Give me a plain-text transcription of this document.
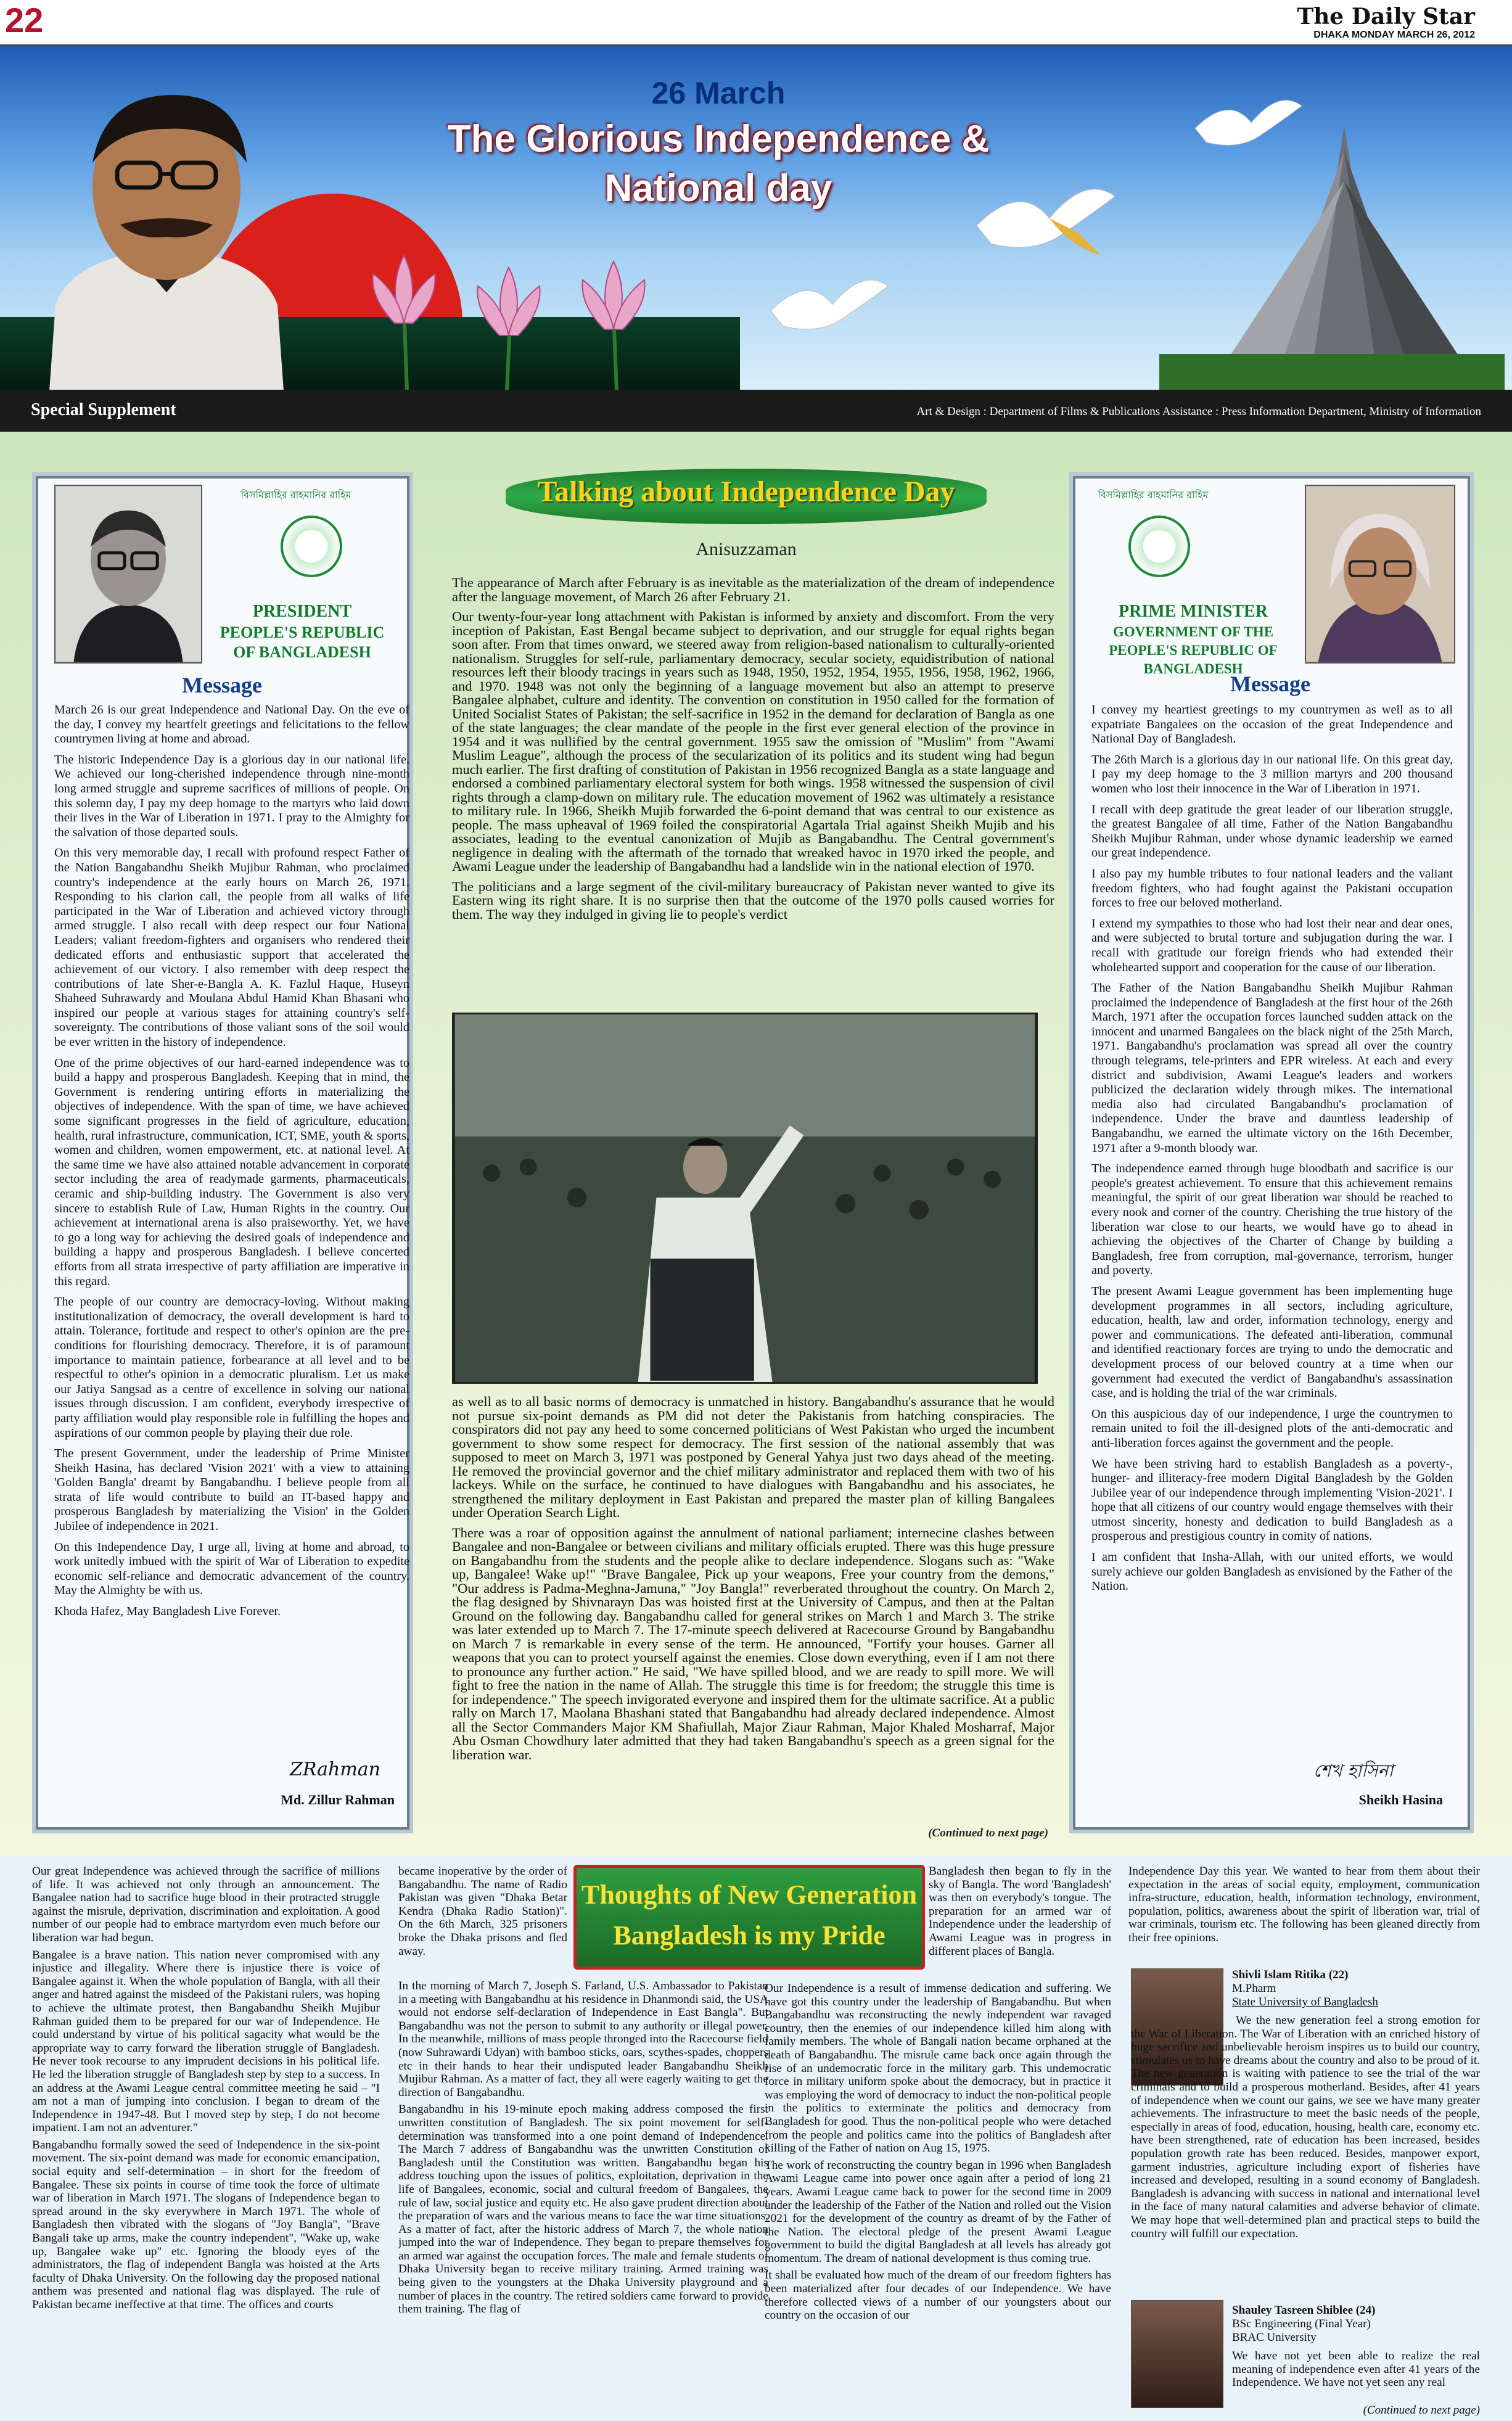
22	The Daily Star
DHAKA MONDAY MARCH 26, 2012
26 March
The Glorious Independence &
National day
Special Supplement	Art & Design : Department of Films & Publications Assistance : Press Information Department, Ministry of Information
বিসমিল্লাহির রাহমানির রাহিম
PRESIDENT
PEOPLE'S REPUBLIC OF BANGLADESH
Message

March 26 is our great Independence and National Day. On the eve of the day, I convey my heartfelt greetings and felicitations to the fellow countrymen living at home and abroad.

The historic Independence Day is a glorious day in our national life. We achieved our long-cherished independence through nine-month long armed struggle and supreme sacrifices of millions of people. On this solemn day, I pay my deep homage to the martyrs who laid down their lives in the War of Liberation in 1971. I pray to the Almighty for the salvation of those departed souls.

On this very memorable day, I recall with profound respect Father of the Nation Bangabandhu Sheikh Mujibur Rahman, who proclaimed country's independence at the early hours on March 26, 1971. Responding to his clarion call, the people from all walks of life participated in the War of Liberation and achieved victory through armed struggle. I also recall with deep respect our four National Leaders; valiant freedom-fighters and organisers who rendered their dedicated efforts and enthusiastic support that accelerated the achievement of our victory. I also remember with deep respect the contributions of late Sher-e-Bangla A. K. Fazlul Haque, Huseyn Shaheed Suhrawardy and Moulana Abdul Hamid Khan Bhasani who inspired our people at various stages for attaining country's self-sovereignty. The contributions of those valiant sons of the soil would be ever written in the history of independence.

One of the prime objectives of our hard-earned independence was to build a happy and prosperous Bangladesh. Keeping that in mind, the Government is rendering untiring efforts in materializing the objectives of independence. With the span of time, we have achieved some significant progresses in the field of agriculture, education, health, rural infrastructure, communication, ICT, SME, youth & sports, women and children, women empowerment, etc. at national level. At the same time we have also attained notable advancement in corporate sector including the area of readymade garments, pharmaceuticals, ceramic and ship-building industry. The Government is also very sincere to establish Rule of Law, Human Rights in the country. Our achievement at international arena is also praiseworthy. Yet, we have to go a long way for achieving the desired goals of independence and building a happy and prosperous Bangladesh. I believe concerted efforts from all strata irrespective of party affiliation are imperative in this regard.

The people of our country are democracy-loving. Without making institutionalization of democracy, the overall development is hard to attain. Tolerance, fortitude and respect to other's opinion are the pre-conditions for flourishing democracy. Therefore, it is of paramount importance to maintain patience, forbearance at all level and to be respectful to other's opinion in a democratic pluralism. Let us make our Jatiya Sangsad as a centre of excellence in solving our national issues through discussion. I am confident, everybody irrespective of party affiliation would play responsible role in fulfilling the hopes and aspirations of our common people by playing their due role.

The present Government, under the leadership of Prime Minister Sheikh Hasina, has declared 'Vision 2021' with a view to attaining 'Golden Bangla' dreamt by Bangabandhu. I believe people from all strata of life would contribute to build an IT-based happy and prosperous Bangladesh by materializing the Vision' in the Golden Jubilee of independence in 2021.

On this Independence Day, I urge all, living at home and abroad, to work unitedly imbued with the spirit of War of Liberation to expedite economic self-reliance and democratic advancement of the country. May the Almighty be with us.

Khoda Hafez, May Bangladesh Live Forever.

ZRahman
Md. Zillur Rahman
বিসমিল্লাহির রাহমানির রাহিম
PRIME MINISTER
GOVERNMENT OF THE PEOPLE'S REPUBLIC OF BANGLADESH
Message

I convey my heartiest greetings to my countrymen as well as to all expatriate Bangalees on the occasion of the great Independence and National Day of Bangladesh.

The 26th March is a glorious day in our national life. On this great day, I pay my deep homage to the 3 million martyrs and 200 thousand women who lost their innocence in the War of Liberation in 1971.

I recall with deep gratitude the great leader of our liberation struggle, the greatest Bangalee of all time, Father of the Nation Bangabandhu Sheikh Mujibur Rahman, under whose dynamic leadership we earned our great independence.

I also pay my humble tributes to four national leaders and the valiant freedom fighters, who had fought against the Pakistani occupation forces to free our beloved motherland.

I extend my sympathies to those who had lost their near and dear ones, and were subjected to brutal torture and subjugation during the war. I recall with gratitude our foreign friends who had extended their wholehearted support and cooperation for the cause of our liberation.

The Father of the Nation Bangabandhu Sheikh Mujibur Rahman proclaimed the independence of Bangladesh at the first hour of the 26th March, 1971 after the occupation forces launched sudden attack on the innocent and unarmed Bangalees on the black night of the 25th March, 1971. Bangabandhu's proclamation was spread all over the country through telegrams, tele-printers and EPR wireless. At each and every district and subdivision, Awami League's leaders and workers publicized the declaration widely through mikes. The international media also had circulated Bangabandhu's proclamation of independence. Under the brave and dauntless leadership of Bangabandhu, we earned the ultimate victory on the 16th December, 1971 after a 9-month bloody war.

The independence earned through huge bloodbath and sacrifice is our people's greatest achievement. To ensure that this achievement remains meaningful, the spirit of our great liberation war should be reached to every nook and corner of the country. Cherishing the true history of the liberation war close to our hearts, we would have go to ahead in achieving the objectives of the Charter of Change by building a Bangladesh, free from corruption, mal-governance, terrorism, hunger and poverty.

The present Awami League government has been implementing huge development programmes in all sectors, including agriculture, education, health, law and order, information technology, energy and power and communications. The defeated anti-liberation, communal and identified reactionary forces are trying to undo the democratic and development process of our beloved country at a time when our government had executed the verdict of Bangabandhu's assassination case, and is holding the trial of the war criminals.

On this auspicious day of our independence, I urge the countrymen to remain united to foil the ill-designed plots of the anti-democratic and anti-liberation forces against the government and the people.

We have been striving hard to establish Bangladesh as a poverty-, hunger- and illiteracy-free modern Digital Bangladesh by the Golden Jubilee year of our independence through implementing 'Vision-2021'. I hope that all citizens of our country would engage themselves with their utmost sincerity, honesty and dedication to build Bangladesh as a prosperous and prestigious country in comity of nations.

I am confident that Insha-Allah, with our united efforts, we would surely achieve our golden Bangladesh as envisioned by the Father of the Nation.

শেখ হাসিনা
Sheikh Hasina
Talking about Independence Day
Anisuzzaman

The appearance of March after February is as inevitable as the materialization of the dream of independence after the language movement, of March 26 after February 21.

Our twenty-four-year long attachment with Pakistan is informed by anxiety and discomfort. From the very inception of Pakistan, East Bengal became subject to deprivation, and our struggle for equal rights began soon after. From that times onward, we steered away from religion-based nationalism to culturally-oriented nationalism. Struggles for self-rule, parliamentary democracy, secular society, equidistribution of national resources left their bloody tracings in years such as 1948, 1950, 1952, 1954, 1955, 1956, 1958, 1962, 1966, and 1970. 1948 was not only the beginning of a language movement but also an attempt to preserve Bangalee alphabet, culture and identity. The convention on constitution in 1950 called for the formation of United Socialist States of Pakistan; the self-sacrifice in 1952 in the demand for declaration of Bangla as one of the state languages; the clear mandate of the people in the first ever general election of the province in 1954 and it was nullified by the central government. 1955 saw the omission of "Muslim" from "Awami Muslim League", although the process of the secularization of its politics and its student wing had begun much earlier. The first drafting of constitution of Pakistan in 1956 recognized Bangla as a state language and endorsed a combined parliamentary electoral system for both wings. 1958 witnessed the suspension of civil rights through a clamp-down on military rule. The education movement of 1962 was ultimately a resistance to military rule. In 1966, Sheikh Mujib forwarded the 6-point demand that was central to our existence as people. The mass upheaval of 1969 foiled the conspiratorial Agartala Trial against Sheikh Mujib and his associates, leading to the eventual canonization of Mujib as Bangabandhu. The Central government's negligence in dealing with the aftermath of the tornado that wreaked havoc in 1970 irked the people, and Awami League under the leadership of Bangabandhu had a landslide win in the national election of 1970.

The politicians and a large segment of the civil-military bureaucracy of Pakistan never wanted to give its Eastern wing its right share. It is no surprise then that the outcome of the 1970 polls caused worries for them. The way they indulged in giving lie to people's verdict

as well as to all basic norms of democracy is unmatched in history. Bangabandhu's assurance that he would not pursue six-point demands as PM did not deter the Pakistanis from hatching conspiracies. The conspirators did not pay any heed to some concerned politicians of West Pakistan who urged the incumbent government to show some respect for democracy. The first session of the national assembly that was supposed to meet on March 3, 1971 was postponed by General Yahya just two days ahead of the meeting. He removed the provincial governor and the chief military administrator and replaced them with two of his lackeys. While on the surface, he continued to have dialogues with Bangabandhu and his associates, he strengthened the military deployment in East Pakistan and prepared the master plan of killing Bangalees under Operation Search Light.

There was a roar of opposition against the annulment of national parliament; internecine clashes between Bangalee and non-Bangalee or between civilians and military officials erupted. There was this huge pressure on Bangabandhu from the students and the people alike to declare independence. Slogans such as: "Wake up, Bangalee! Wake up!" "Brave Bangalee, Pick up your weapons, Free your country from the demons," "Our address is Padma-Meghna-Jamuna," "Joy Bangla!" reverberated throughout the country. On March 2, the flag designed by Shivnarayn Das was hoisted first at the University of Campus, and then at the Paltan Ground on the following day. Bangabandhu called for general strikes on March 1 and March 3. The strike was later extended up to March 7. The 17-minute speech delivered at Racecourse Ground by Bangabandhu on March 7 is remarkable in every sense of the term. He announced, "Fortify your houses. Garner all weapons that you can to protect yourself against the enemies. Close down everything, even if I am not there to pronounce any further action." He said, "We have spilled blood, and we are ready to spill more. We will fight to free the nation in the name of Allah. The struggle this time is for freedom; the struggle this time is for independence." The speech invigorated everyone and inspired them for the ultimate sacrifice. At a public rally on March 17, Maolana Bhashani stated that Bangabandhu had already declared independence. Almost all the Sector Commanders Major KM Shafiullah, Major Ziaur Rahman, Major Khaled Mosharraf, Major Abu Osman Chowdhury later admitted that they had taken Bangabandhu's speech as a green signal for the liberation war.

(Continued to next page)

Our great Independence was achieved through the sacrifice of millions of life. It was achieved not only through an announcement. The Bangalee nation had to sacrifice huge blood in their protracted struggle against the misrule, deprivation, discrimination and exploitation. A good number of our people had to embrace martyrdom even much before our liberation war had begun.

Bangalee is a brave nation. This nation never compromised with any injustice and illegality. Where there is injustice there is voice of Bangalee against it. When the whole population of Bangla, with all their anger and hatred against the misdeed of the Pakistani rulers, was hoping to achieve the ultimate protest, then Bangabandhu Sheikh Mujibur Rahman guided them to be prepared for our war of Independence. He could understand by virtue of his political sagacity what would be the appropriate way to carry forward the liberation struggle of Bangladesh. He never took recourse to any imprudent decisions in his political life. He led the liberation struggle of Bangladesh step by step to a success. In an address at the Awami League central committee meeting he said – "I am not a man of jumping into conclusion. I began to dream of the Independence in 1947-48. But I moved step by step, I do not become impatient. I am not an adventurer."

Bangabandhu formally sowed the seed of Independence in the six-point movement. The six-point demand was made for economic emancipation, social equity and self-determination – in short for the freedom of Bangalee. These six points in course of time took the force of ultimate war of liberation in March 1971. The slogans of Independence began to spread around in the sky everywhere in March 1971. The whole of Bangladesh then vibrated with the slogans of "Joy Bangla", "Brave Bangali take up arms, make the country independent", "Wake up, wake up, Bangalee wake up" etc. Ignoring the bloody eyes of the administrators, the flag of independent Bangla was hoisted at the Arts faculty of Dhaka University. On the following day the proposed national anthem was presented and national flag was displayed. The rule of Pakistan became ineffective at that time. The offices and courts

became inoperative by the order of Bangabandhu. The name of Radio Pakistan was given "Dhaka Betar Kendra (Dhaka Radio Station)". On the 6th March, 325 prisoners broke the Dhaka prisons and fled away.

In the morning of March 7, Joseph S. Farland, U.S. Ambassador to Pakistan in a meeting with Bangabandhu at his residence in Dhanmondi said, the USA would not endorse self-declaration of Independence in East Bangla". But Bangabandhu was not the person to submit to any authority or illegal power. In the meanwhile, millions of mass people thronged into the Racecourse field (now Suhrawardi Udyan) with bamboo sticks, oars, scythes-spades, choppers etc in their hands to hear their undisputed leader Bangabandhu Sheikh Mujibur Rahman. As a matter of fact, they all were eagerly waiting to get the direction of Bangabandhu.

Bangabandhu in his 19-minute epoch making address composed the first unwritten constitution of Bangladesh. The six point movement for self-determination was transformed into a one point demand of Independence. The March 7 address of Bangabandhu was the unwritten Constitution of Bangladesh until the Constitution was written. Bangabandhu began his address touching upon the issues of politics, exploitation, deprivation in the life of Bangalees, economic, social and cultural freedom of Bangalees, the rule of law, social justice and equity etc. He also gave prudent direction about the preparation of wars and the various means to face the war time situations. As a matter of fact, after the historic address of March 7, the whole nation jumped into the war of Independence. They began to prepare themselves for an armed war against the occupation forces. The male and female students of Dhaka University began to receive military training. Armed training was being given to the youngsters at the Dhaka University playground and a number of places in the country. The retired soldiers came forward to provide them training. The flag of

Thoughts of New Generation
Bangladesh is my Pride

Bangladesh then began to fly in the sky of Bangla. The word 'Bangladesh' was then on everybody's tongue. The preparation for an armed war of Independence under the leadership of Awami League was in progress in different places of Bangla.

Our Independence is a result of immense dedication and suffering. We have got this country under the leadership of Bangabandhu. But when Bangabandhu was reconstructing the newly independent war ravaged country, then the enemies of our independence killed him along with family members. The whole of Bangali nation became orphaned at the death of Bangabandhu. The misrule came back once again through the rise of an undemocratic force in the military garb. This undemocratic force in military uniform spoke about the democracy, but in practice it was employing the word of democracy to induct the non-political people in the politics to exterminate the politics and democracy from Bangladesh for good. Thus the non-political people who were detached from the people and politics came into the politics of Bangladesh after killing of the Father of nation on Aug 15, 1975.

The work of reconstructing the country began in 1996 when Bangladesh Awami League came into power once again after a period of long 21 years. Awami League came back to power for the second time in 2009 under the leadership of the Father of the Nation and rolled out the Vision 2021 for the development of the country as dreamt of by the Father of the Nation. The electoral pledge of the present Awami League government to build the digital Bangladesh at all levels has already got momentum. The dream of national development is thus coming true.

It shall be evaluated how much of the dream of our freedom fighters has been materialized after four decades of our Independence. We have therefore collected views of a number of our youngsters about our country on the occasion of our

Independence Day this year. We wanted to hear from them about their expectation in the areas of social equity, employment, communication infra-structure, education, health, information technology, environment, population, politics, awareness about the spirit of liberation war, trial of war criminals, tourism etc. The following has been gleaned directly from their free opinions.

Shivli Islam Ritika (22)
M.Pharm
State University of Bangladesh
We the new generation feel a strong emotion for the War of Liberation. The War of Liberation with an enriched history of huge sacrifice and unbelievable heroism inspires us to build our country, stimulates us to have dreams about the country and also to be proud of it. The new generation is waiting with patience to see the trial of the war criminals and to build a prosperous motherland. Besides, after 41 years of independence when we count our gains, we see we have many greater achievements. The infrastructure to meet the basic needs of the people, especially in areas of food, education, housing, health care, economy etc. have been strengthened, rate of education has been increased, besides population growth rate has been reduced. Besides, manpower export, garment industries, agriculture including export of fisheries have increased and developed, resulting in a sound economy of Bangladesh. Bangladesh is advancing with success in national and international level in the face of many natural calamities and adverse behavior of climate. We may hope that well-determined plan and practical steps to build the country will fulfill our expectation.
Shauley Tasreen Shiblee (24)
BSc Engineering (Final Year)
BRAC University
We have not yet been able to realize the real meaning of independence even after 41 years of the Independence. We have not yet seen any real
(Continued to next page)
